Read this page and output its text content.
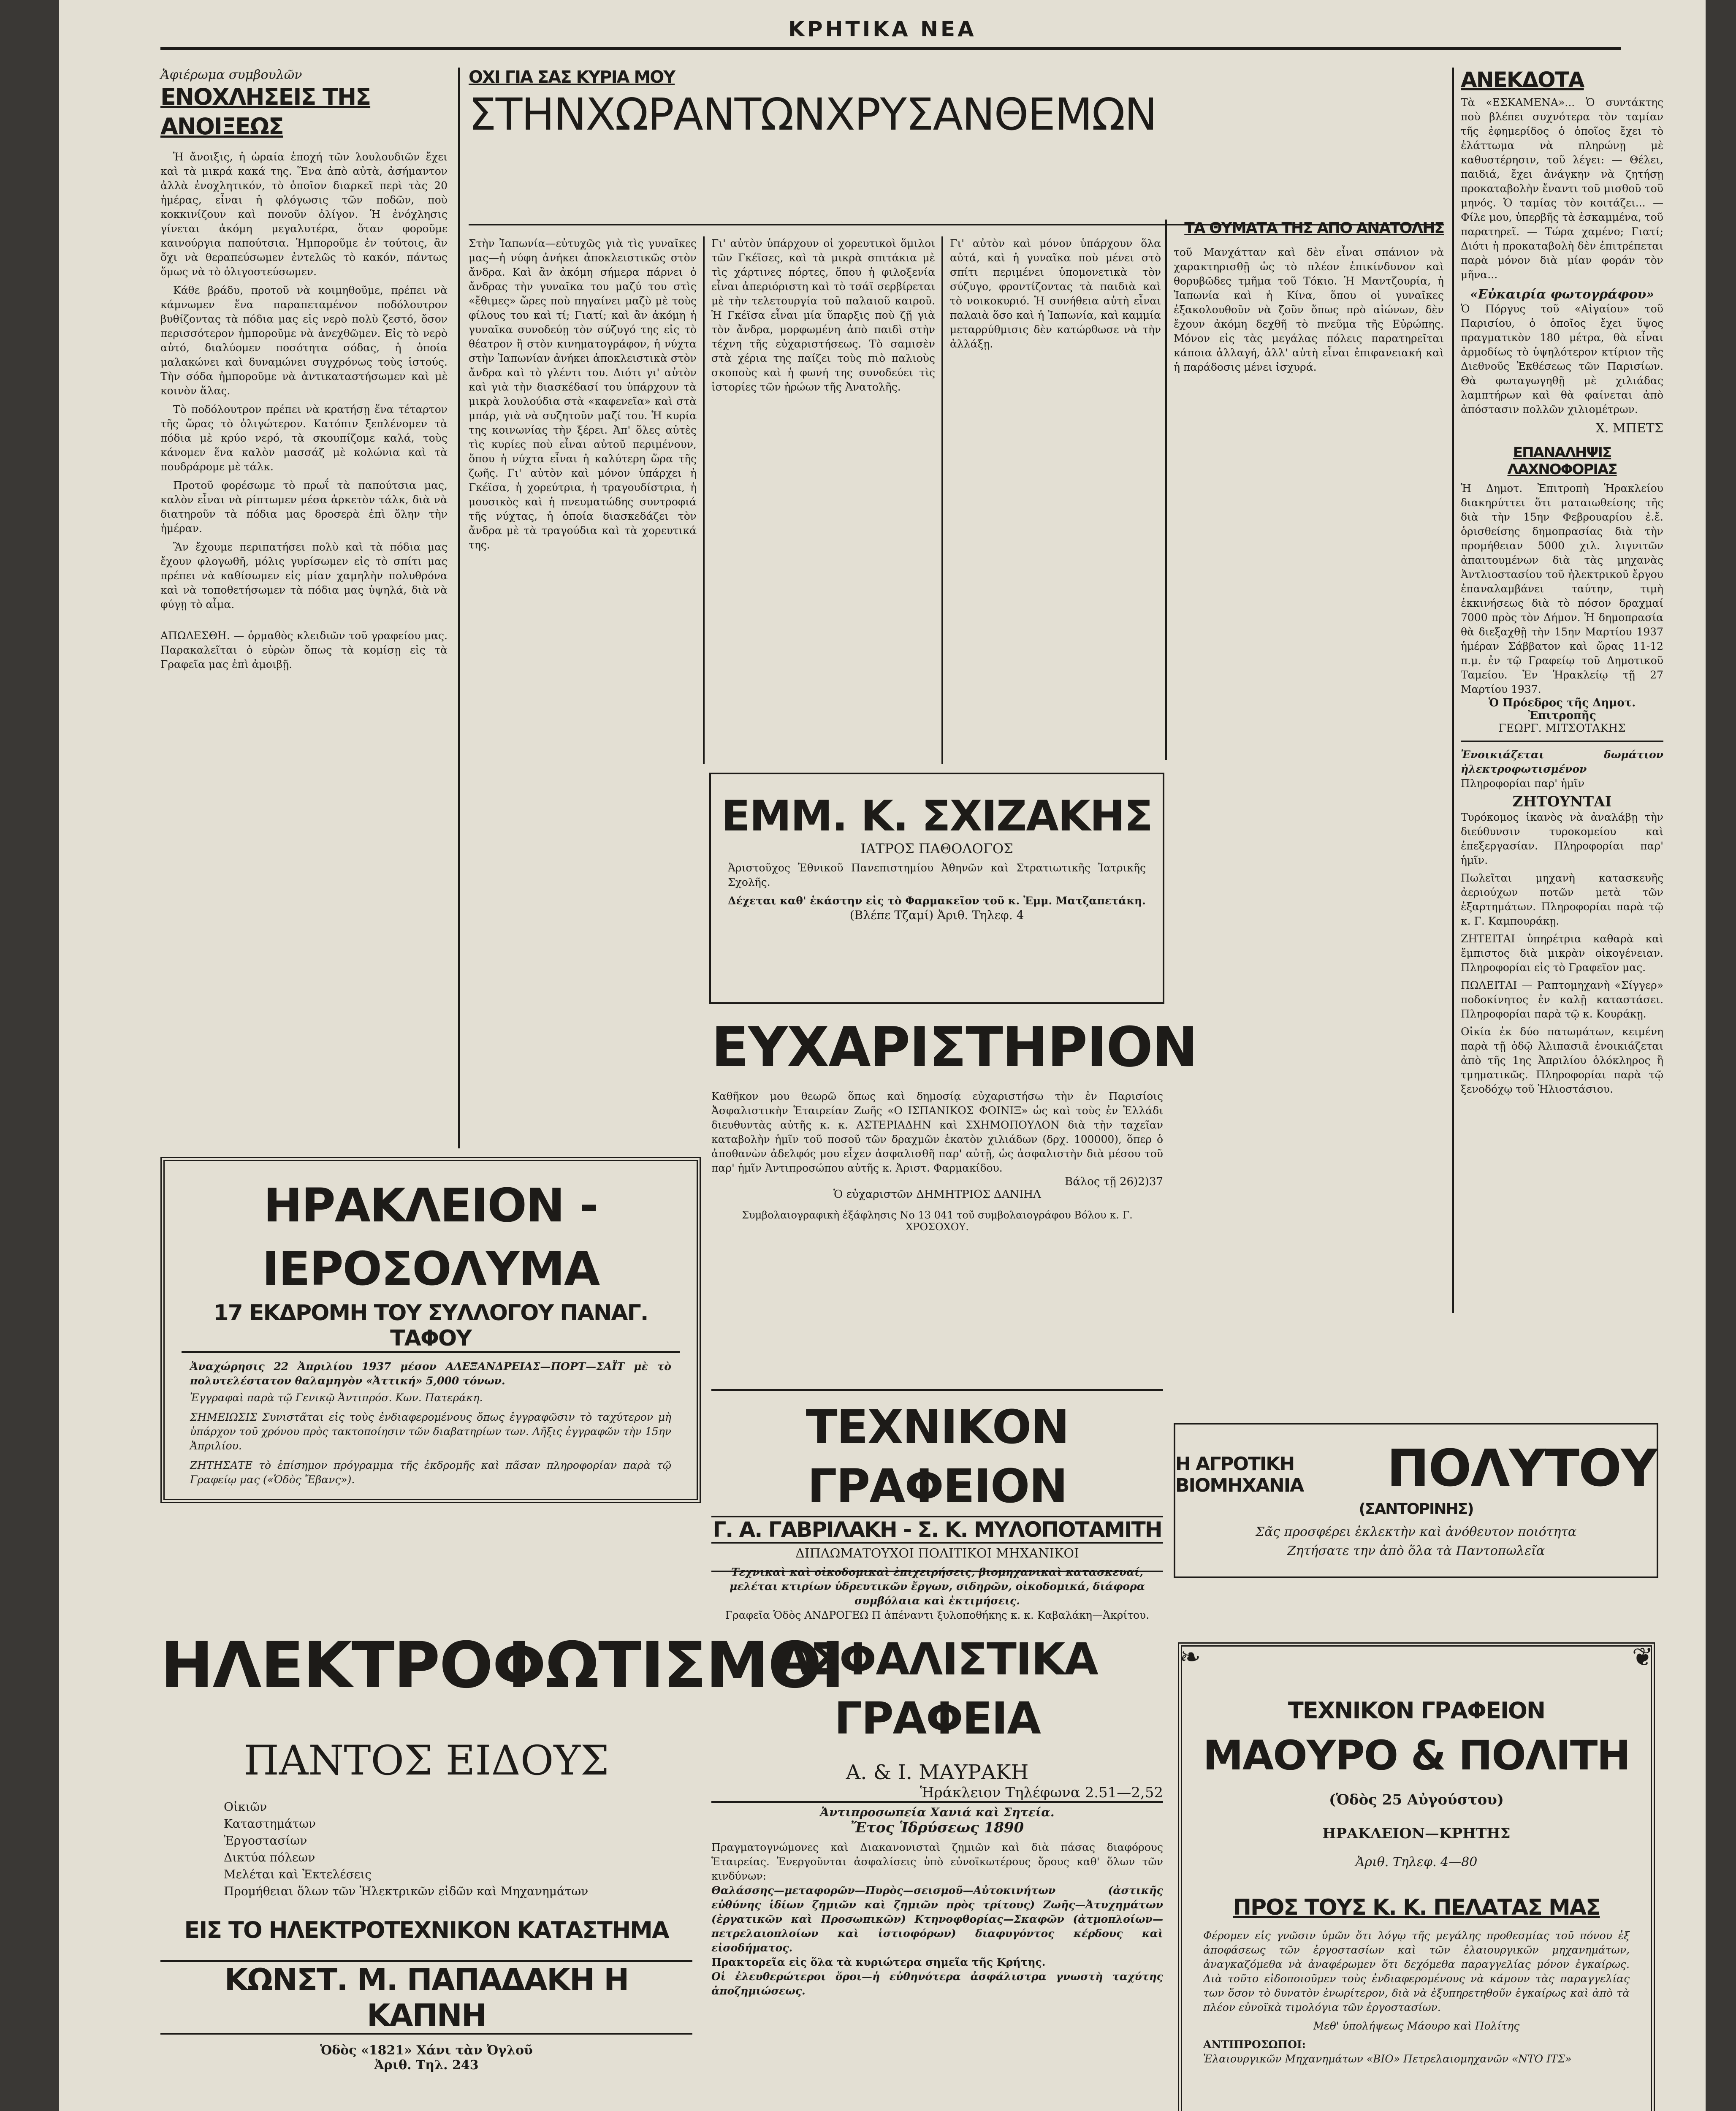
ΚΡΗΤΙΚΑ ΝΕΑ
Ἀφιέρωμα συμβουλῶν
ΕΝΟΧΛΗΣΕΙΣ ΤΗΣ ΑΝΟΙΞΕΩΣ

Ἡ ἄνοιξις, ἡ ὡραία ἐποχή τῶν λουλουδιῶν ἔχει καὶ τὰ μικρά κακά της. Ἕνα ἀπὸ αὐτὰ, ἀσήμαντον ἀλλὰ ἐνοχλητικόν, τὸ ὁποῖον διαρκεῖ περὶ τὰς 20 ἡμέρας, εἶναι ἡ φλόγωσις τῶν ποδῶν, ποὺ κοκκινίζουν καὶ πονοῦν ὀλίγον. Ἡ ἐνόχλησις γίνεται ἀκόμη μεγαλυτέρα, ὅταν φοροῦμε καινούργια παπούτσια. Ἠμποροῦμε ἐν τούτοις, ἂν ὄχι νὰ θεραπεύσωμεν ἐντελῶς τὸ κακόν, πάντως ὅμως νὰ τὸ ὀλιγοστεύσωμεν.

Κάθε βράδυ, προτοῦ νὰ κοιμηθοῦμε, πρέπει νὰ κάμνωμεν ἕνα παραπεταμένον ποδόλουτρον βυθίζοντας τὰ πόδια μας εἰς νερὸ πολὺ ζεστό, ὅσον περισσότερον ἠμποροῦμε νὰ ἀνεχθῶμεν. Εἰς τὸ νερὸ αὐτό, διαλύομεν ποσότητα σόδας, ἡ ὁποία μαλακώνει καὶ δυναμώνει συγχρόνως τοὺς ἱστούς. Τὴν σόδα ἠμποροῦμε νὰ ἀντικαταστήσωμεν καὶ μὲ κοινὸν ἅλας.

Τὸ ποδόλουτρον πρέπει νὰ κρατήσῃ ἕνα τέταρτον τῆς ὥρας τὸ ὀλιγώτερον. Κατόπιν ξεπλένομεν τὰ πόδια μὲ κρύο νερό, τὰ σκουπίζομε καλά, τοὺς κάνομεν ἕνα καλὸν μασσάζ μὲ κολώνια καὶ τὰ πουδράρομε μὲ τάλκ.

Προτοῦ φορέσωμε τὸ πρωΐ τὰ παπούτσια μας, καλὸν εἶναι νὰ ρίπτωμεν μέσα ἀρκετὸν τάλκ, διὰ νὰ διατηροῦν τὰ πόδια μας δροσερὰ ἐπὶ ὅλην τὴν ἡμέραν.

Ἂν ἔχουμε περιπατήσει πολὺ καὶ τὰ πόδια μας ἔχουν φλογωθῆ, μόλις γυρίσωμεν εἰς τὸ σπίτι μας πρέπει νὰ καθίσωμεν εἰς μίαν χαμηλὴν πολυθρόνα καὶ νὰ τοποθετήσωμεν τὰ πόδια μας ὑψηλά, διὰ νὰ φύγῃ τὸ αἷμα.

ΑΠΩΛΕΣΘΗ. — ὀρμαθὸς κλειδιῶν τοῦ γραφείου μας. Παρακαλεῖται ὁ εὑρὼν ὅπως τὰ κομίσῃ εἰς τὰ Γραφεῖα μας ἐπὶ ἀμοιβῇ.
ΟΧΙ ΓΙΑ ΣΑΣ ΚΥΡΙΑ ΜΟΥ
ΣΤΗΝΧΩΡΑΝΤΩΝΧΡΥΣΑΝΘΕΜΩΝ
Στὴν Ἰαπωνία—εὐτυχῶς γιὰ τὶς γυναῖκες μας—ἡ νύφη ἀνήκει ἀποκλειστικῶς στὸν ἄνδρα. Καὶ ἂν ἀκόμη σήμερα πάρνει ὁ ἄνδρας τὴν γυναῖκα του μαζύ του στὶς «ἔθιμες» ὥρες ποὺ πηγαίνει μαζὺ μὲ τοὺς φίλους του καὶ τί; Γιατί; καὶ ἂν ἀκόμη ἡ γυναῖκα συνοδεύῃ τὸν σύζυγό της εἰς τὸ θέατρον ἢ στὸν κινηματογράφον, ἡ νύχτα στὴν Ἰαπωνίαν ἀνήκει ἀποκλειστικὰ στὸν ἄνδρα καὶ τὸ γλέντι του. Διότι γι' αὐτὸν καὶ γιὰ τὴν διασκέδασί του ὑπάρχουν τὰ μικρὰ λουλούδια στὰ «καφενεῖα» καὶ στὰ μπάρ, γιὰ νὰ συζητοῦν μαζί του. Ἡ κυρία της κοινωνίας τὴν ξέρει. Ἀπ' ὅλες αὐτὲς τὶς κυρίες ποὺ εἶναι αὐτοῦ περιμένουν, ὅπου ἡ νύχτα εἶναι ἡ καλύτερη ὥρα τῆς ζωῆς. Γι' αὐτὸν καὶ μόνον ὑπάρχει ἡ Γκέϊσα, ἡ χορεύτρια, ἡ τραγουδίστρια, ἡ μουσικὸς καὶ ἡ πνευματώδης συντροφιά τῆς νύχτας, ἡ ὁποία διασκεδάζει τὸν ἄνδρα μὲ τὰ τραγούδια καὶ τὰ χορευτικά της.
Γι' αὐτὸν ὑπάρχουν οἱ χορευτικοὶ ὅμιλοι τῶν Γκέϊσες, καὶ τὰ μικρὰ σπιτάκια μὲ τὶς χάρτινες πόρτες, ὅπου ἡ φιλοξενία εἶναι ἀπεριόριστη καὶ τὸ τσάϊ σερβίρεται μὲ τὴν τελετουργία τοῦ παλαιοῦ καιροῦ. Ἡ Γκέϊσα εἶναι μία ὕπαρξις ποὺ ζῇ γιὰ τὸν ἄνδρα, μορφωμένη ἀπὸ παιδὶ στὴν τέχνη τῆς εὐχαριστήσεως. Τὸ σαμισὲν στὰ χέρια της παίζει τοὺς πιὸ παλιοὺς σκοποὺς καὶ ἡ φωνή της συνοδεύει τὶς ἱστορίες τῶν ἡρώων τῆς Ἀνατολῆς.
Γι' αὐτὸν καὶ μόνον ὑπάρχουν ὅλα αὐτά, καὶ ἡ γυναῖκα ποὺ μένει στὸ σπίτι περιμένει ὑπομονετικὰ τὸν σύζυγο, φροντίζοντας τὰ παιδιὰ καὶ τὸ νοικοκυριό. Ἡ συνήθεια αὐτὴ εἶναι παλαιὰ ὅσο καὶ ἡ Ἰαπωνία, καὶ καμμία μεταρρύθμισις δὲν κατώρθωσε νὰ τὴν ἀλλάξῃ.
ΤΑ ΘΥΜΑΤΑ ΤΗΣ ΑΠΟ ΑΝΑΤΟΛΗΣ
τοῦ Μανχάτταν καὶ δὲν εἶναι σπάνιον νὰ χαρακτηρισθῇ ὡς τὸ πλέον ἐπικίνδυνον καὶ θορυβῶδες τμῆμα τοῦ Τόκιο. Ἡ Μαντζουρία, ἡ Ἰαπωνία καὶ ἡ Κίνα, ὅπου οἱ γυναῖκες ἐξακολουθοῦν νὰ ζοῦν ὅπως πρὸ αἰώνων, δὲν ἔχουν ἀκόμη δεχθῆ τὸ πνεῦμα τῆς Εὐρώπης. Μόνον εἰς τὰς μεγάλας πόλεις παρατηρεῖται κάποια ἀλλαγή, ἀλλ' αὐτὴ εἶναι ἐπιφανειακή καὶ ἡ παράδοσις μένει ἰσχυρά.
ΑΝΕΚΔΟΤΑ
Τὰ «ΕΣΚΑΜΕΝΑ»... Ὁ συντάκτης ποὺ βλέπει συχνότερα τὸν ταμίαν τῆς ἐφημερίδος ὁ ὁποῖος ἔχει τὸ ἐλάττωμα νὰ πληρώνῃ μὲ καθυστέρησιν, τοῦ λέγει: — Θέλει, παιδιά, ἔχει ἀνάγκην νὰ ζητήσῃ προκαταβολὴν ἔναντι τοῦ μισθοῦ τοῦ μηνός. Ὁ ταμίας τὸν κοιτάζει... — Φίλε μου, ὑπερβῆς τὰ ἐσκαμμένα, τοῦ παρατηρεῖ. — Τώρα χαμένο; Γιατί; Διότι ἡ προκαταβολὴ δὲν ἐπιτρέπεται παρὰ μόνον διὰ μίαν φοράν τὸν μῆνα...
«Εὐκαιρία φωτογράφου»
Ὁ Πόργυς τοῦ «Αἰγαίου» τοῦ Παρισίου, ὁ ὁποῖος ἔχει ὕψος πραγματικὸν 180 μέτρα, θὰ εἶναι ἁρμοδίως τὸ ὑψηλότερον κτίριον τῆς Διεθνοῦς Ἐκθέσεως τῶν Παρισίων. Θὰ φωταγωγηθῇ μὲ χιλιάδας λαμπτήρων καὶ θὰ φαίνεται ἀπὸ ἀπόστασιν πολλῶν χιλιομέτρων.
Χ. ΜΠΕΤΣ
ΕΠΑΝΑΛΗΨΙΣ ΛΑΧΝΟΦΟΡΙΑΣ
Ἡ Δημοτ. Ἐπιτροπὴ Ἡρακλείου διακηρύττει ὅτι ματαιωθείσης τῆς διὰ τὴν 15ην Φεβρουαρίου ἐ.ἔ. ὁρισθείσης δημοπρασίας διὰ τὴν προμήθειαν 5000 χιλ. λιγνιτῶν ἀπαιτουμένων διὰ τὰς μηχανὰς Ἀντλιοστασίου τοῦ ἠλεκτρικοῦ ἔργου ἐπαναλαμβάνει ταύτην, τιμὴ ἐκκινήσεως διὰ τὸ πόσον δραχμαί 7000 πρὸς τὸν Δήμον. Ἡ δημοπρασία θὰ διεξαχθῇ τὴν 15ην Μαρτίου 1937 ἡμέραν Σάββατον καὶ ὥρας 11-12 π.μ. ἐν τῷ Γραφείῳ τοῦ Δημοτικοῦ Ταμείου. Ἐν Ἡρακλείῳ τῇ 27 Μαρτίου 1937.
Ὁ Πρόεδρος τῆς Δημοτ. Ἐπιτροπῆς
ΓΕΩΡΓ. ΜΙΤΣΟΤΑΚΗΣ
Ἐνοικιάζεται δωμάτιον ἠλεκτροφωτισμένον
Πληροφορίαι παρ' ἡμῖν
ΖΗΤΟΥΝΤΑΙ
Τυρόκομος ἱκανὸς νὰ ἀναλάβῃ τὴν διεύθυνσιν τυροκομείου καὶ ἐπεξεργασίαν. Πληροφορίαι παρ' ἡμῖν.
Πωλεῖται μηχανὴ κατασκευῆς ἀεριούχων ποτῶν μετὰ τῶν ἐξαρτημάτων. Πληροφορίαι παρὰ τῷ κ. Γ. Καμπουράκῃ.
ΖΗΤΕΙΤΑΙ ὑπηρέτρια καθαρὰ καὶ ἔμπιστος διὰ μικρὰν οἰκογένειαν. Πληροφορίαι εἰς τὸ Γραφεῖον μας.
ΠΩΛΕΙΤΑΙ — Ραπτομηχανὴ «Σίγγερ» ποδοκίνητος ἐν καλῇ καταστάσει. Πληροφορίαι παρὰ τῷ κ. Κουράκῃ.
Οἰκία ἐκ δύο πατωμάτων, κειμένη παρὰ τῇ ὁδῷ Ἀλιπασιᾶ ἐνοικιάζεται ἀπὸ τῆς 1ης Ἀπριλίου ὁλόκληρος ἢ τμηματικῶς. Πληροφορίαι παρὰ τῷ ξενοδόχῳ τοῦ Ἡλιοστάσιου.
ΕΜΜ. Κ. ΣΧΙΖΑΚΗΣ
ΙΑΤΡΟΣ ΠΑΘΟΛΟΓΟΣ
Ἀριστοῦχος Ἐθνικοῦ Πανεπιστημίου Ἀθηνῶν καὶ Στρατιωτικῆς Ἰατρικῆς Σχολῆς.
Δέχεται καθ' ἑκάστην εἰς τὸ Φαρμακεῖον τοῦ κ. Ἐμμ. Ματζαπετάκη.
(Βλέπε Τζαμί) Ἀριθ. Τηλεφ. 4
ΕΥΧΑΡΙΣΤΗΡΙΟΝ
Καθῆκον μου θεωρῶ ὅπως καὶ δημοσίᾳ εὐχαριστήσω τὴν ἐν Παρισίοις Ἀσφαλιστικὴν Ἑταιρείαν Ζωῆς «Ο ΙΣΠΑΝΙΚΟΣ ΦΟΙΝΙΞ» ὡς καὶ τοὺς ἐν Ἑλλάδι διευθυντὰς αὐτῆς κ. κ. ΑΣΤΕΡΙΑΔΗΝ καὶ ΣΧΗΜΟΠΟΥΛΟΝ διὰ τὴν ταχεῖαν καταβολὴν ἡμῖν τοῦ ποσοῦ τῶν δραχμῶν ἑκατὸν χιλιάδων (δρχ. 100000), ὅπερ ὁ ἀποθανὼν ἀδελφός μου εἶχεν ἀσφαλισθῆ παρ' αὐτῇ, ὡς ἀσφαλιστὴν διὰ μέσου τοῦ παρ' ἡμῖν Ἀντιπροσώπου αὐτῆς κ. Ἀριστ. Φαρμακίδου.
Βάλος τῇ 26)2)37
Ὁ εὐχαριστῶν ΔΗΜΗΤΡΙΟΣ ΔΑΝΙΗΛ
Συμβολαιογραφικὴ ἐξάφλησις Νο 13 041 τοῦ συμβολαιογράφου Βόλου κ. Γ. ΧΡΟΣΟΧΟΥ.
ΤΕΧΝΙΚΟΝ ΓΡΑΦΕΙΟΝ
Γ. Α. ΓΑΒΡΙΛΑΚΗ - Σ. Κ. ΜΥΛΟΠΟΤΑΜΙΤΗ
ΔΙΠΛΩΜΑΤΟΥΧΟΙ ΠΟΛΙΤΙΚΟΙ ΜΗΧΑΝΙΚΟΙ
μελέται κτιρίων ὑδρευτικῶν ἔργων, σιδηρῶν, οἰκοδομικά, διάφορα συμβόλαια καὶ ἐκτιμήσεις.
Γραφεῖα Ὁδὸς ΑΝΔΡΟΓΕΩ Π ἀπέναντι ξυλοποθήκης κ. κ. Καβαλάκη—Ἀκρίτου.
Η ΑΓΡΟΤΙΚΗ ΒΙΟΜΗΧΑΝΙΑ	ΠΟΛΥΤΟΥ
(ΣΑΝΤΟΡΙΝΗΣ)
Σᾶς προσφέρει ἐκλεκτὴν καὶ ἀνόθευτον ποιότητα
Ζητήσατε την ἀπὸ ὅλα τὰ Παντοπωλεῖα
ΗΡΑΚΛΕΙΟΝ - ΙΕΡΟΣΟΛΥΜΑ
17 ΕΚΔΡΟΜΗ ΤΟΥ ΣΥΛΛΟΓΟΥ ΠΑΝΑΓ. ΤΑΦΟΥ
Ἀναχώρησις 22 Ἀπριλίου 1937 μέσον ΑΛΕΞΑΝΔΡΕΙΑΣ—ΠΟΡΤ—ΣΑΪΤ μὲ τὸ πολυτελέστατον θαλαμηγὸν «Ἀττική» 5,000 τόνων.
Ἐγγραφαὶ παρὰ τῷ Γενικῷ Ἀντιπρόσ. Κων. Πατεράκη.
ΣΗΜΕΙΩΣΙΣ Συνιστᾶται εἰς τοὺς ἐνδιαφερομένους ὅπως ἐγγραφῶσιν τὸ ταχύτερον μὴ ὑπάρχον τοῦ χρόνου πρὸς τακτοποίησιν τῶν διαβατηρίων των. Λῆξις ἐγγραφῶν τὴν 15ην Ἀπριλίου.
ΖΗΤΗΣΑΤΕ τὸ ἐπίσημον πρόγραμμα τῆς ἐκδρομῆς καὶ πᾶσαν πληροφορίαν παρὰ τῷ Γραφείῳ μας («Ὁδὸς Ἔβανς»).
ΗΛΕΚΤΡΟΦΩΤΙΣΜΟΙ
ΠΑΝΤΟΣ ΕΙΔΟΥΣ
Οἰκιῶν
Καταστημάτων
Ἐργοστασίων
Δικτύα πόλεων
Μελέται καὶ Ἐκτελέσεις
Προμήθειαι ὅλων τῶν Ἠλεκτρικῶν εἰδῶν καὶ Μηχανημάτων
ΕΙΣ ΤΟ ΗΛΕΚΤΡΟΤΕΧΝΙΚΟΝ ΚΑΤΑΣΤΗΜΑ
ΚΩΝΣΤ. Μ. ΠΑΠΑΔΑΚΗ Η ΚΑΠΝΗ
Ὁδὸς «1821» Χάνι τὰν Ὀγλοῦ
Ἀριθ. Τηλ. 243
ΑΣΦΑΛΙΣΤΙΚΑ ΓΡΑΦΕΙΑ
Α. & Ι. ΜΑΥΡΑΚΗ
Ἡράκλειον Τηλέφωνα 2.51—2,52
Ἀντιπροσωπεία Χανιά καὶ Σητεία.
Ἔτος Ἱδρύσεως 1890
Πραγματογνώμονες καὶ Διακανονισταὶ ζημιῶν καὶ διὰ πάσας διαφόρους Ἑταιρείας. Ἐνεργοῦνται ἀσφαλίσεις ὑπὸ εὐνοϊκωτέρους ὅρους καθ' ὅλων τῶν κινδύνων:
Θαλάσσης—μεταφορῶν—Πυρὸς—σεισμοῦ—Αὐτοκινήτων (ἀστικῆς εὐθύνης ἰδίων ζημιῶν καὶ ζημιῶν πρὸς τρίτους) Ζωῆς—Ἀτυχημάτων (ἐργατικῶν καὶ Προσωπικῶν) Κτηνοφθορίας—Σκαφῶν (ἀτμοπλοίων—πετρελαιοπλοίων καὶ ἱστιοφόρων) διαφυγόντος κέρδους καὶ εἰσοδήματος.
Πρακτορεῖα εἰς ὅλα τὰ κυριώτερα σημεῖα τῆς Κρήτης.
Οἱ ἐλευθερώτεροι ὅροι—ἡ εὐθηνότερα ἀσφάλιστρα γνωστὴ ταχύτης ἀποζημιώσεως.
❧	❦
ΤΕΧΝΙΚΟΝ ΓΡΑΦΕΙΟΝ
ΜΑΟΥΡΟ & ΠΟΛΙΤΗ
(Ὁδὸς 25 Αὐγούστου)
ΗΡΑΚΛΕΙΟΝ—ΚΡΗΤΗΣ
Ἀριθ. Τηλεφ. 4—80
ΠΡΟΣ ΤΟΥΣ Κ. Κ. ΠΕΛΑΤΑΣ ΜΑΣ
Φέρομεν εἰς γνῶσιν ὑμῶν ὅτι λόγῳ τῆς μεγάλης προθεσμίας τοῦ πόνου ἐξ ἀποφάσεως τῶν ἐργοστασίων καὶ τῶν ἐλαιουργικῶν μηχανημάτων, ἀναγκαζόμεθα νὰ ἀναφέρωμεν ὅτι δεχόμεθα παραγγελίας μόνον ἐγκαίρως. Διὰ τοῦτο εἰδοποιοῦμεν τοὺς ἐνδιαφερομένους νὰ κάμουν τὰς παραγγελίας των ὅσον τὸ δυνατὸν ἐνωρίτερον, διὰ νὰ ἐξυπηρετηθοῦν ἐγκαίρως καὶ ἀπὸ τὰ πλέον εὐνοϊκὰ τιμολόγια τῶν ἐργοστασίων.
Μεθ' ὑπολήψεως Μάουρο καὶ Πολίτης
ΑΝΤΙΠΡΟΣΩΠΟΙ:
Ἐλαιουργικῶν Μηχανημάτων «ΒΙΟ» Πετρελαιομηχανῶν «ΝΤΟ ΙΤΣ»
